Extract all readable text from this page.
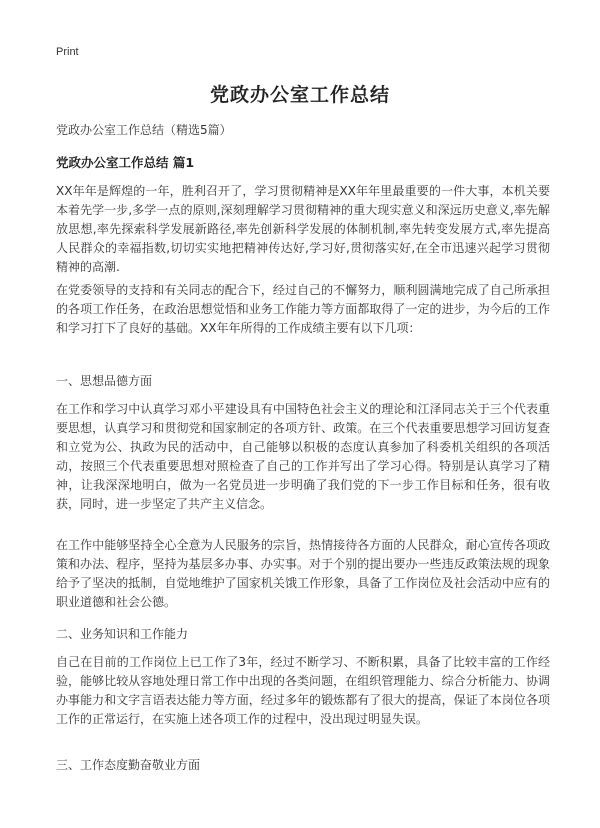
Print
党政办公室工作总结
党政办公室工作总结（精选5篇）
党政办公室工作总结 篇1

XX年年是辉煌的一年，胜利召开了，学习贯彻精神是XX年年里最重要的一件大事，本机关要本着先学一步,多学一点的原则,深刻理解学习贯彻精神的重大现实意义和深远历史意义,率先解放思想,率先探索科学发展新路径,率先创新科学发展的体制机制,率先转变发展方式,率先提高人民群众的幸福指数,切切实实地把精神传达好,学习好,贯彻落实好,在全市迅速兴起学习贯彻精神的高潮.

在党委领导的支持和有关同志的配合下，经过自己的不懈努力，顺利圆满地完成了自己所承担的各项工作任务，在政治思想觉悟和业务工作能力等方面都取得了一定的进步，为今后的工作和学习打下了良好的基础。XX年年所得的工作成绩主要有以下几项：

一、思想品德方面

在工作和学习中认真学习邓小平建设具有中国特色社会主义的理论和江泽同志关于三个代表重要思想，认真学习和贯彻党和国家制定的各项方针、政策。在三个代表重要思想学习回访复查和立党为公、执政为民的活动中，自己能够以积极的态度认真参加了科委机关组织的各项活动，按照三个代表重要思想对照检查了自己的工作并写出了学习心得。特别是认真学习了精神，让我深深地明白，做为一名党员进一步明确了我们党的下一步工作目标和任务，很有收获，同时，进一步坚定了共产主义信念。

在工作中能够坚持全心全意为人民服务的宗旨，热情接待各方面的人民群众，耐心宣传各项政策和办法、程序，坚持为基层多办事、办实事。对于个别的提出要办一些违反政策法规的现象给予了坚决的抵制，自觉地维护了国家机关饿工作形象，具备了工作岗位及社会活动中应有的职业道德和社会公德。

二、业务知识和工作能力

自己在目前的工作岗位上已工作了3年，经过不断学习、不断积累，具备了比较丰富的工作经验，能够比较从容地处理日常工作中出现的各类问题，在组织管理能力、综合分析能力、协调办事能力和文字言语表达能力等方面，经过多年的锻炼都有了很大的提高，保证了本岗位各项工作的正常运行，在实施上述各项工作的过程中，没出现过明显失误。

三、工作态度勤奋敬业方面
